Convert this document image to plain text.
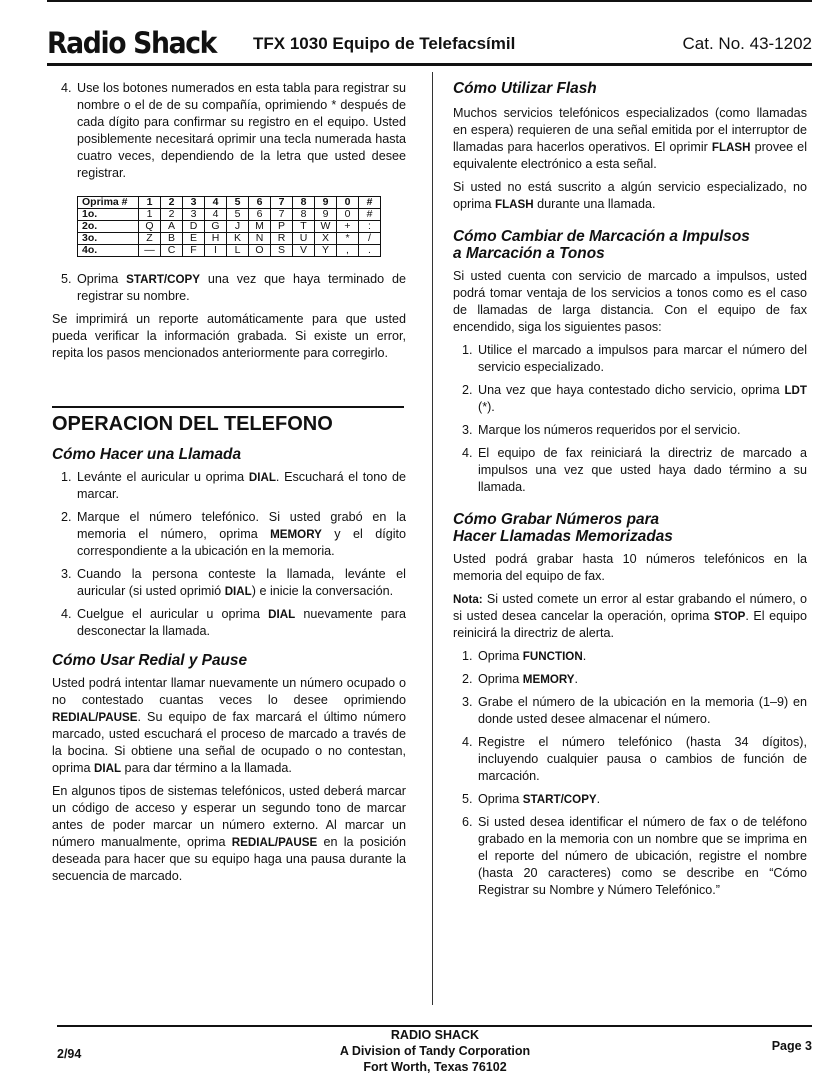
Radio Shack TFX 1030 Equipo de Telefacsímil	Cat. No. 43-1202
4. Use los botones numerados en esta tabla para registrar su nombre o el de de su compañía, oprimiendo * después de cada dígito para confirmar su registro en el equipo. Usted posiblemente necesitará oprimir una tecla numerada hasta cuatro veces, dependiendo de la letra que usted desee registrar.
Oprima #	1	2	3	4	5	6	7	8	9	0	#
1o.	1	2	3	4	5	6	7	8	9	0	#
2o.	Q	A	D	G	J	M	P	T	W	+	:
3o.	Z	B	E	H	K	N	R	U	X	*	/
4o.	—	C	F	I	L	O	S	V	Y	,	.
5. Oprima START/COPY una vez que haya terminado de registrar su nombre.

Se imprimirá un reporte automáticamente para que usted pueda verificar la información grabada. Si existe un error, repita los pasos mencionados anteriormente para corregirlo.

OPERACION DEL TELEFONO
Cómo Hacer una Llamada
1. Levánte el auricular u oprima DIAL. Escuchará el tono de marcar.
2. Marque el número telefónico. Si usted grabó en la memoria el número, oprima MEMORY y el dígito correspondiente a la ubicación en la memoria.
3. Cuando la persona conteste la llamada, levánte el auricular (si usted oprimió DIAL) e inicie la conversación.
4. Cuelgue el auricular u oprima DIAL nuevamente para desconectar la llamada.
Cómo Usar Redial y Pause

Usted podrá intentar llamar nuevamente un número ocupado o no contestado cuantas veces lo desee oprimiendo REDIAL/PAUSE. Su equipo de fax marcará el último número marcado, usted escuchará el proceso de marcado a través de la bocina. Si obtiene una señal de ocupado o no contestan, oprima DIAL para dar término a la llamada.

En algunos tipos de sistemas telefónicos, usted deberá marcar un código de acceso y esperar un segundo tono de marcar antes de poder marcar un número externo. Al marcar un número manualmente, oprima REDIAL/PAUSE en la posición deseada para hacer que su equipo haga una pausa durante la secuencia de marcado.

Cómo Utilizar Flash

Muchos servicios telefónicos especializados (como llamadas en espera) requieren de una señal emitida por el interruptor de llamadas para hacerlos operativos. El oprimir FLASH provee el equivalente electrónico a esta señal.

Si usted no está suscrito a algún servicio especializado, no oprima FLASH durante una llamada.

Cómo Cambiar de Marcación a Impulsos
a Marcación a Tonos

Si usted cuenta con servicio de marcado a impulsos, usted podrá tomar ventaja de los servicios a tonos como es el caso de llamadas de larga distancia. Con el equipo de fax encendido, siga los siguientes pasos:

1. Utilice el marcado a impulsos para marcar el número del servicio especializado.
2. Una vez que haya contestado dicho servicio, oprima LDT (*).
3. Marque los números requeridos por el servicio.
4. El equipo de fax reiniciará la directriz de marcado a impulsos una vez que usted haya dado término a su llamada.
Cómo Grabar Números para
Hacer Llamadas Memorizadas

Usted podrá grabar hasta 10 números telefónicos en la memoria del equipo de fax.

Nota: Si usted comete un error al estar grabando el número, o si usted desea cancelar la operación, oprima STOP. El equipo reinicirá la directriz de alerta.

1. Oprima FUNCTION.
2. Oprima MEMORY.
3. Grabe el número de la ubicación en la memoria (1–9) en donde usted desee almacenar el número.
4. Registre el número telefónico (hasta 34 dígitos), incluyendo cualquier pausa o cambios de función de marcación.
5. Oprima START/COPY.
6. Si usted desea identificar el número de fax o de teléfono grabado en la memoria con un nombre que se imprima en el reporte del número de ubicación, registre el nombre (hasta 20 caracteres) como se describe en “Cómo Registrar su Nombre y Número Telefónico.”
2/94
RADIO SHACK
A Division of Tandy Corporation
Fort Worth, Texas 76102
Page 3
